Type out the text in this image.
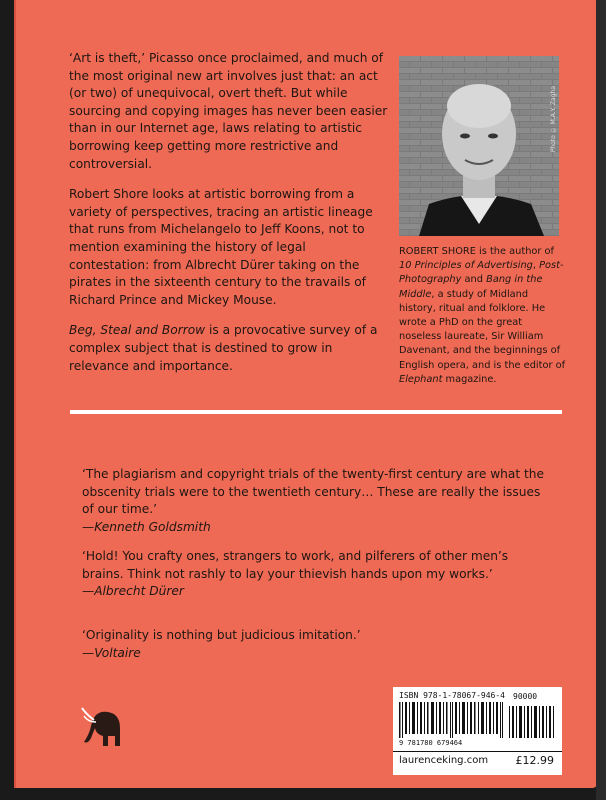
‘Art is theft,’ Picasso once proclaimed, and much of the most original new art involves just that: an act (or two) of unequivocal, overt theft. But while sourcing and copying images has never been easier than in our Internet age, laws relating to artistic borrowing keep getting more restrictive and controversial.

Robert Shore looks at artistic borrowing from a variety of perspectives, tracing an artistic lineage that runs from Michelangelo to Jeff Koons, not to mention examining the history of legal contestation: from Albrecht Dürer taking on the pirates in the sixteenth century to the travails of Richard Prince and Mickey Mouse.

Beg, Steal and Borrow is a provocative survey of a complex subject that is destined to grow in relevance and importance.

Photo © M.A.Y. Zagha
ROBERT SHORE is the author of 10 Principles of Advertising, Post-Photography and Bang in the Middle, a study of Midland history, ritual and folklore. He wrote a PhD on the great noseless laureate, Sir William Davenant, and the beginnings of English opera, and is the editor of Elephant magazine.
‘The plagiarism and copyright trials of the twenty-first century are what the obscenity trials were to the twentieth century… These are really the issues of our time.’
—Kenneth Goldsmith
‘Hold! You crafty ones, strangers to work, and pilferers of other men’s brains. Think not rashly to lay your thievish hands upon my works.’
—Albrecht Dürer
‘Originality is nothing but judicious imitation.’
—Voltaire
ISBN 978-1-78067-946-4 90000
9 781780 679464
laurenceking.com £12.99
